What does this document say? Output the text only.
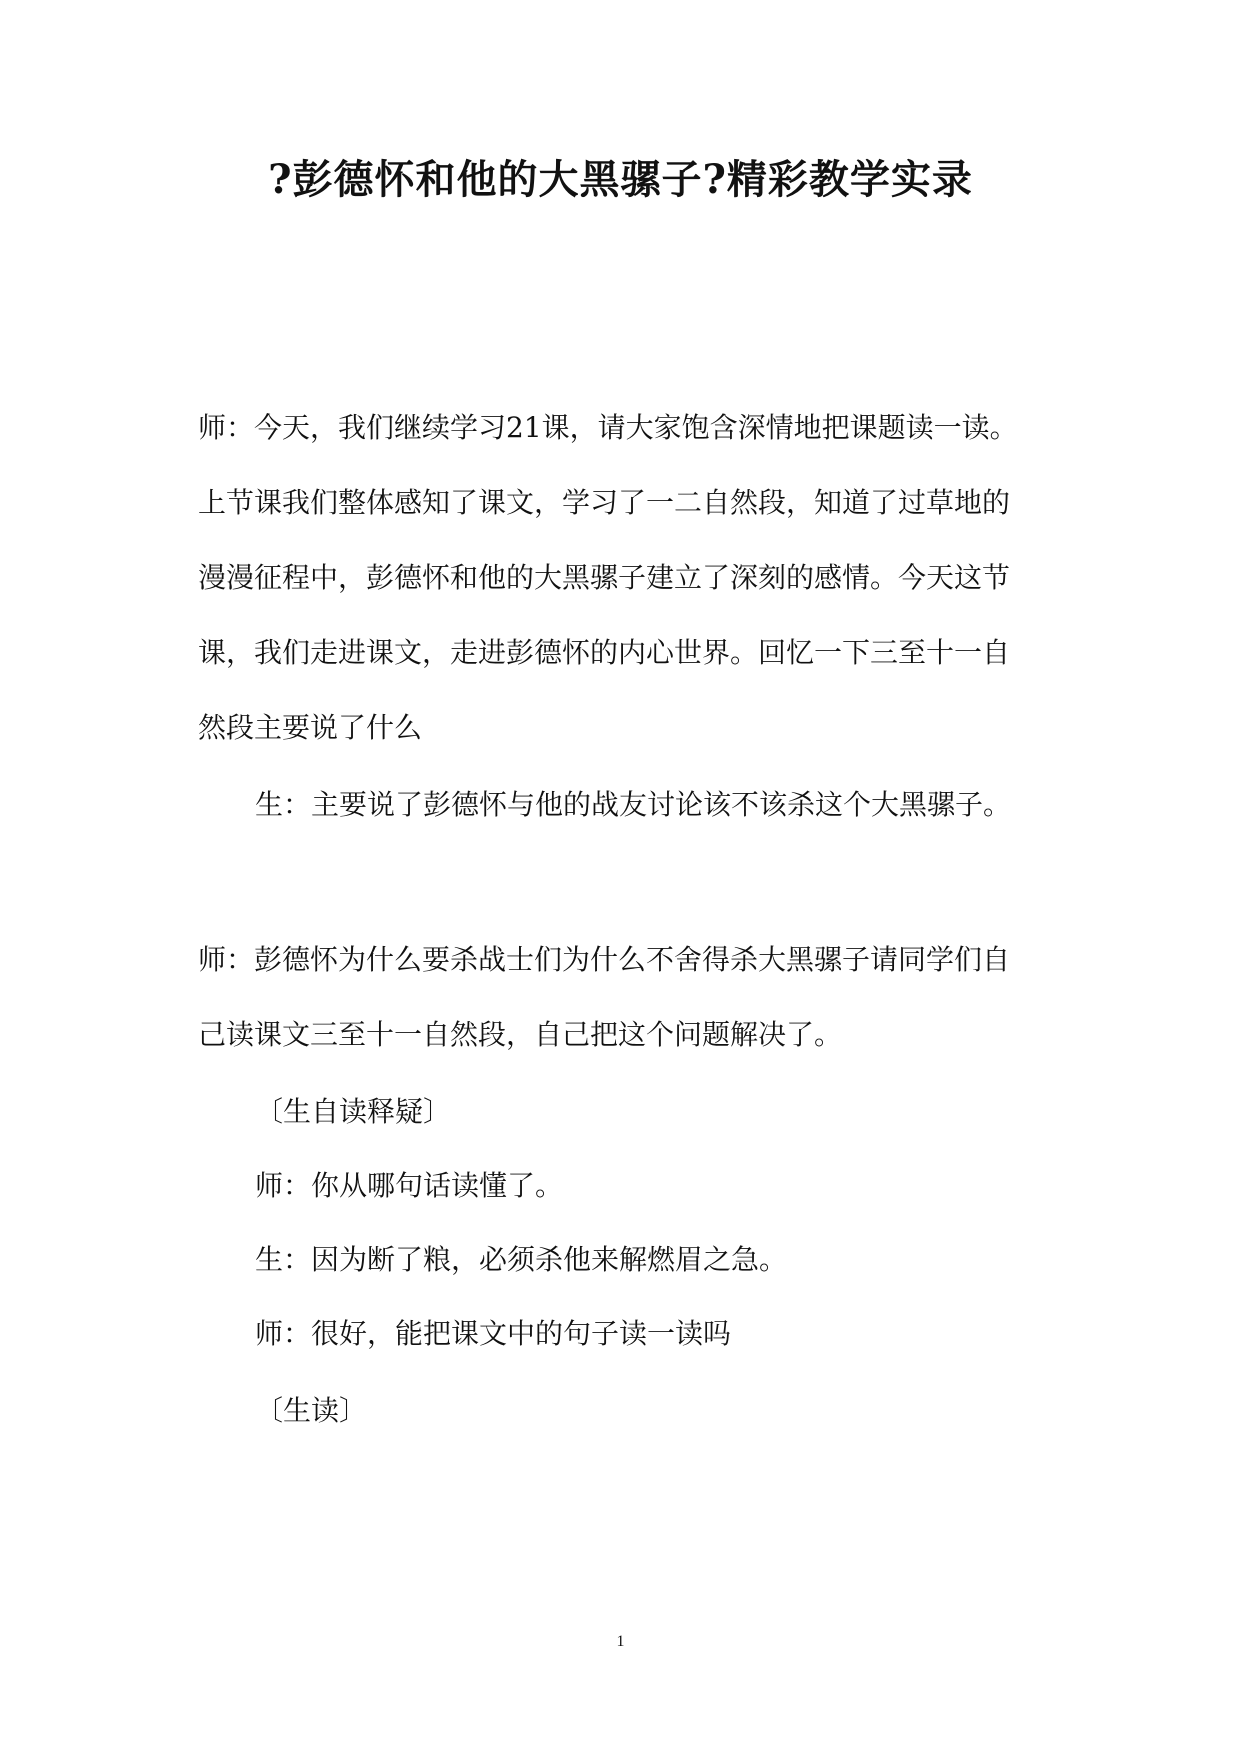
?彭德怀和他的大黑骡子?精彩教学实录
师：今天，我们继续学习21课，请大家饱含深情地把课题读一读。
上节课我们整体感知了课文，学习了一二自然段，知道了过草地的
漫漫征程中，彭德怀和他的大黑骡子建立了深刻的感情。今天这节
课，我们走进课文，走进彭德怀的内心世界。回忆一下三至十一自
然段主要说了什么
生：主要说了彭德怀与他的战友讨论该不该杀这个大黑骡子。
师：彭德怀为什么要杀战士们为什么不舍得杀大黑骡子请同学们自
己读课文三至十一自然段，自己把这个问题解决了。
〔生自读释疑〕
师：你从哪句话读懂了。
生：因为断了粮，必须杀他来解燃眉之急。
师：很好，能把课文中的句子读一读吗
〔生读〕
1
